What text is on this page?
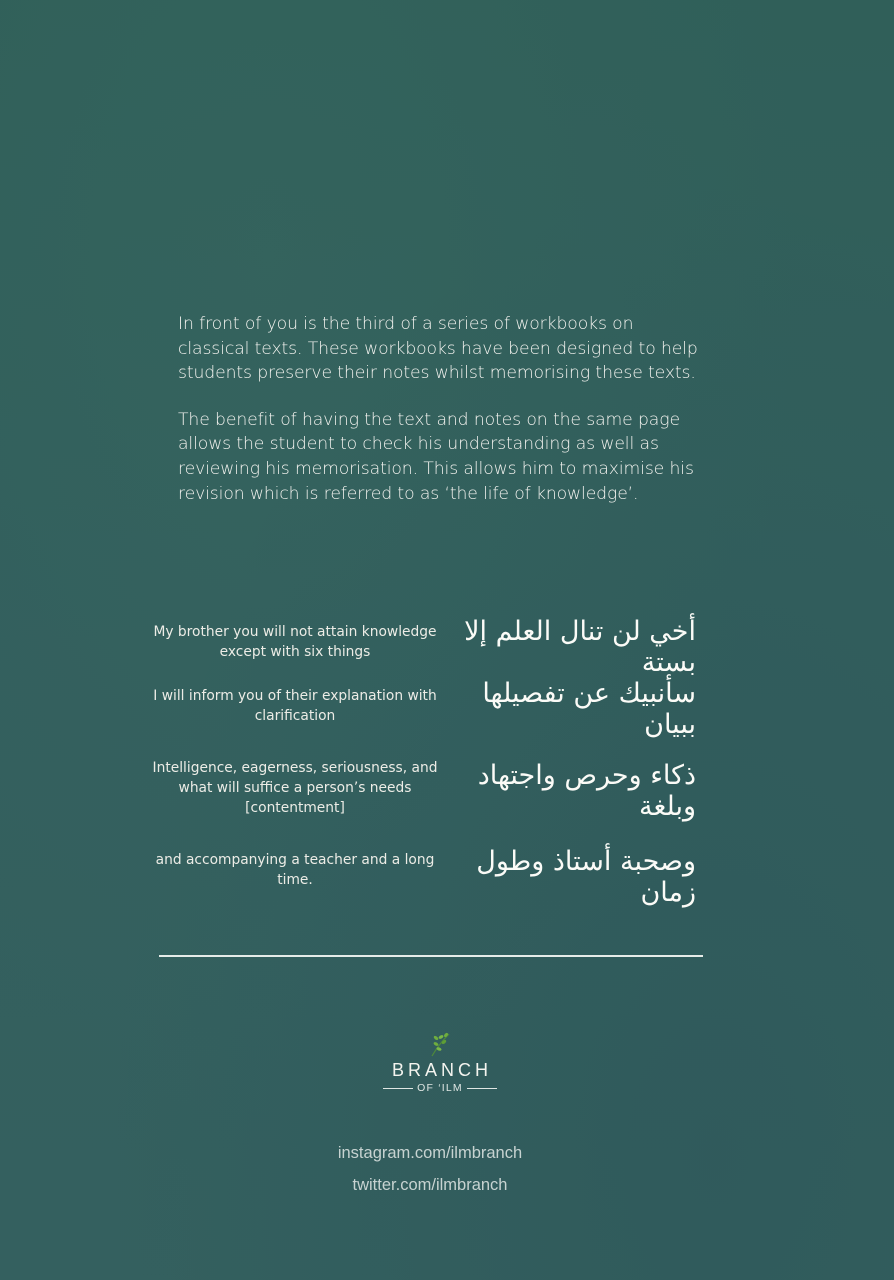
In front of you is the third of a series of workbooks on classical texts. These workbooks have been designed to help students preserve their notes whilst memorising these texts.

The benefit of having the text and notes on the same page allows the student to check his understanding as well as reviewing his memorisation. This allows him to maximise his revision which is referred to as ‘the life of knowledge’.

My brother you will not attain knowledge except with six things
أخي لن تنال العلم إلا بستة
I will inform you of their explanation with clarification
سأنبيك عن تفصيلها ببيان
Intelligence, eagerness, seriousness, and what will suffice a person’s needs [contentment]
ذكاء وحرص واجتهاد وبلغة
and accompanying a teacher and a long time.
وصحبة أستاذ وطول زمان
BRANCH
OF ‘ILM
instagram.com/ilmbranch
twitter.com/ilmbranch
